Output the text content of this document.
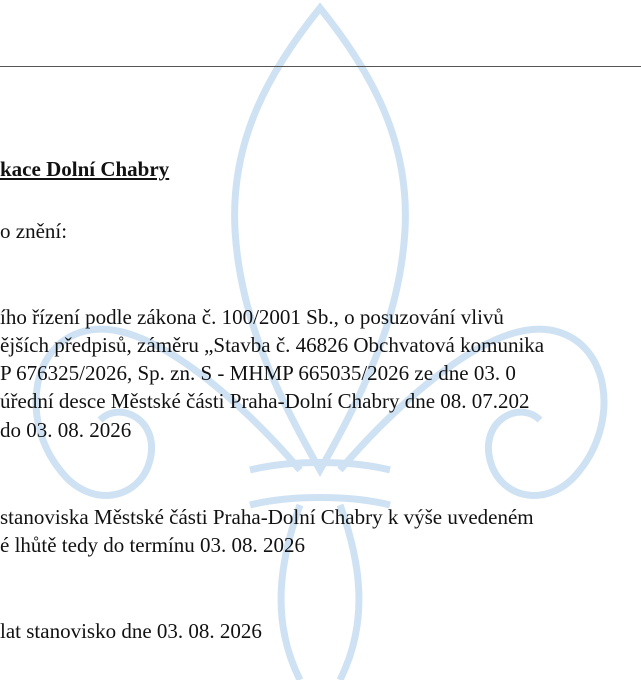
kace Dolní Chabry
o znění:
ího řízení podle zákona č. 100/2001 Sb., o posuzování vlivů
ějších předpisů, záměru „Stavba č. 46826 Obchvatová komunika
P 676325/2026, Sp. zn. S - MHMP 665035/2026 ze dne 03. 0
úřední desce Městské části Praha-Dolní Chabry dne 08. 07.202
do 03. 08. 2026
stanoviska Městské části Praha-Dolní Chabry k výše uvedeném
é lhůtě tedy do termínu 03. 08. 2026
lat stanovisko dne 03. 08. 2026
